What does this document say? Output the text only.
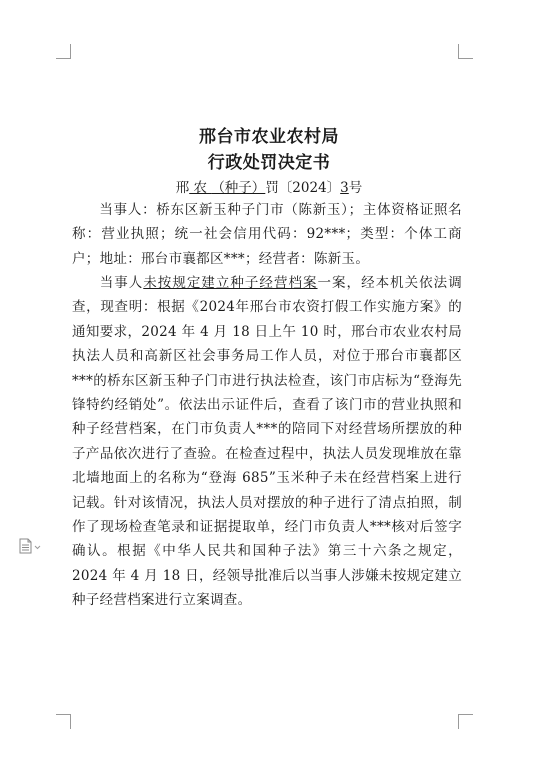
邢台市农业农村局
行政处罚决定书
邢 农 （种子）罚〔2024〕3号
当事人：桥东区新玉种子门市（陈新玉）；主体资格证照名称：营业执照；统一社会信用代码：92***；类型：个体工商户；地址：邢台市襄都区***；经营者：陈新玉。
当事人未按规定建立种子经营档案一案，经本机关依法调查，现查明：根据《2024年邢台市农资打假工作实施方案》的通知要求，2024 年 4 月 18 日上午 10 时，邢台市农业农村局执法人员和高新区社会事务局工作人员，对位于邢台市襄都区***的桥东区新玉种子门市进行执法检查，该门市店标为“登海先锋特约经销处”。依法出示证件后，查看了该门市的营业执照和种子经营档案，在门市负责人***的陪同下对经营场所摆放的种子产品依次进行了查验。在检查过程中，执法人员发现堆放在靠北墙地面上的名称为“登海 685”玉米种子未在经营档案上进行记载。针对该情况，执法人员对摆放的种子进行了清点拍照，制作了现场检查笔录和证据提取单，经门市负责人***核对后签字确认。根据《中华人民共和国种子法》第三十六条之规定，2024 年 4 月 18 日，经领导批准后以当事人涉嫌未按规定建立种子经营档案进行立案调查。
